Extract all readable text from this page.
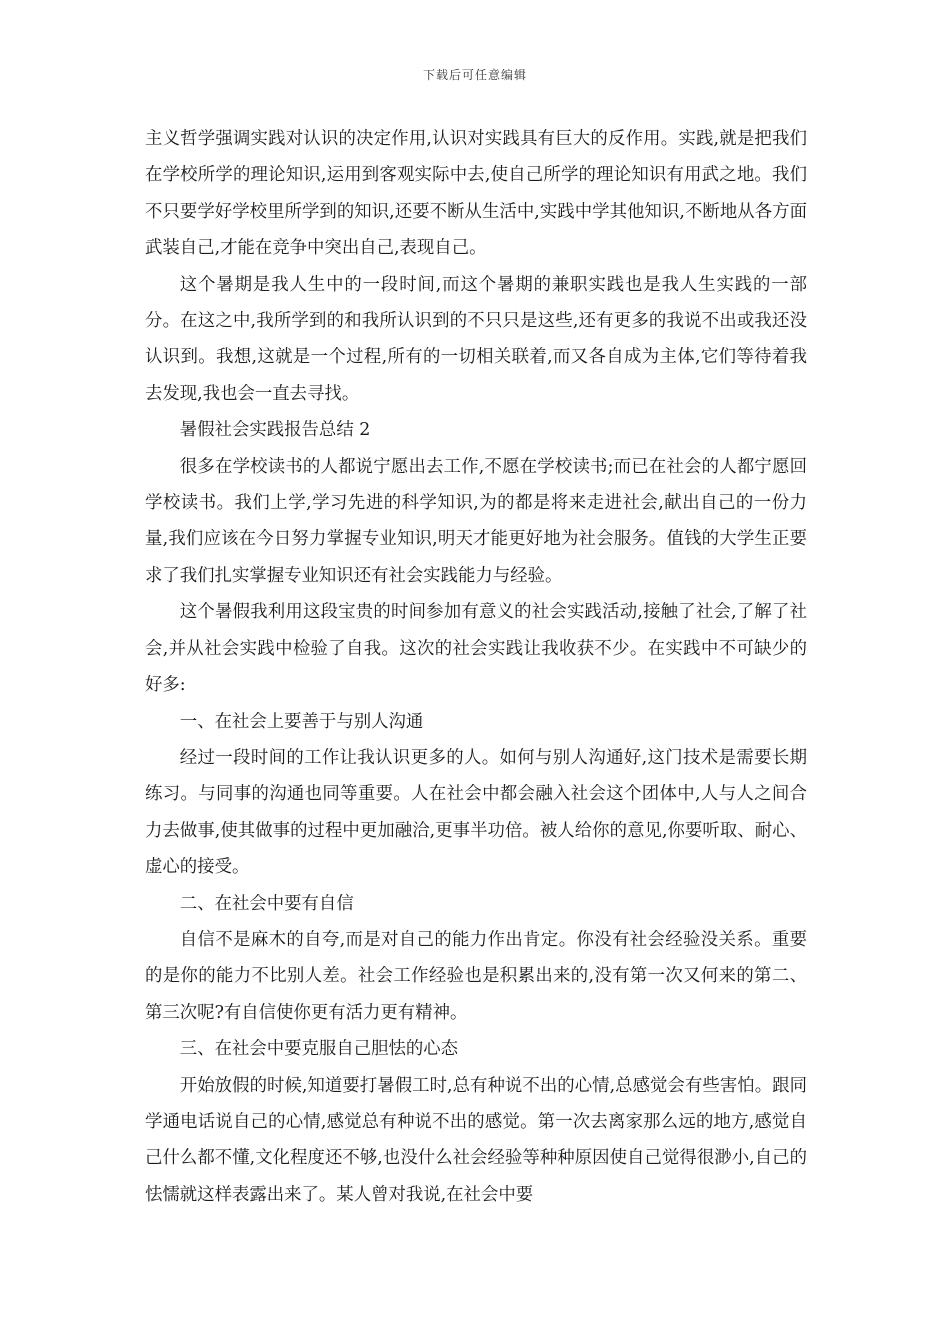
下载后可任意编辑

主义哲学强调实践对认识的决定作用,认识对实践具有巨大的反作用。实践,就是把我们在学校所学的理论知识,运用到客观实际中去,使自己所学的理论知识有用武之地。我们不只要学好学校里所学到的知识,还要不断从生活中,实践中学其他知识,不断地从各方面武装自己,才能在竞争中突出自己,表现自己。

这个暑期是我人生中的一段时间,而这个暑期的兼职实践也是我人生实践的一部分。在这之中,我所学到的和我所认识到的不只只是这些,还有更多的我说不出或我还没认识到。我想,这就是一个过程,所有的一切相关联着,而又各自成为主体,它们等待着我去发现,我也会一直去寻找。

暑假社会实践报告总结 2

很多在学校读书的人都说宁愿出去工作,不愿在学校读书;而已在社会的人都宁愿回学校读书。我们上学,学习先进的科学知识,为的都是将来走进社会,献出自己的一份力量,我们应该在今日努力掌握专业知识,明天才能更好地为社会服务。值钱的大学生正要求了我们扎实掌握专业知识还有社会实践能力与经验。

这个暑假我利用这段宝贵的时间参加有意义的社会实践活动,接触了社会,了解了社会,并从社会实践中检验了自我。这次的社会实践让我收获不少。在实践中不可缺少的好多:

一、在社会上要善于与别人沟通

经过一段时间的工作让我认识更多的人。如何与别人沟通好,这门技术是需要长期练习。与同事的沟通也同等重要。人在社会中都会融入社会这个团体中,人与人之间合力去做事,使其做事的过程中更加融洽,更事半功倍。被人给你的意见,你要听取、耐心、虚心的接受。

二、在社会中要有自信

自信不是麻木的自夸,而是对自己的能力作出肯定。你没有社会经验没关系。重要的是你的能力不比别人差。社会工作经验也是积累出来的,没有第一次又何来的第二、第三次呢?有自信使你更有活力更有精神。

三、在社会中要克服自己胆怯的心态

开始放假的时候,知道要打暑假工时,总有种说不出的心情,总感觉会有些害怕。跟同学通电话说自己的心情,感觉总有种说不出的感觉。第一次去离家那么远的地方,感觉自己什么都不懂,文化程度还不够,也没什么社会经验等种种原因使自己觉得很渺小,自己的怯懦就这样表露出来了。某人曾对我说,在社会中要
